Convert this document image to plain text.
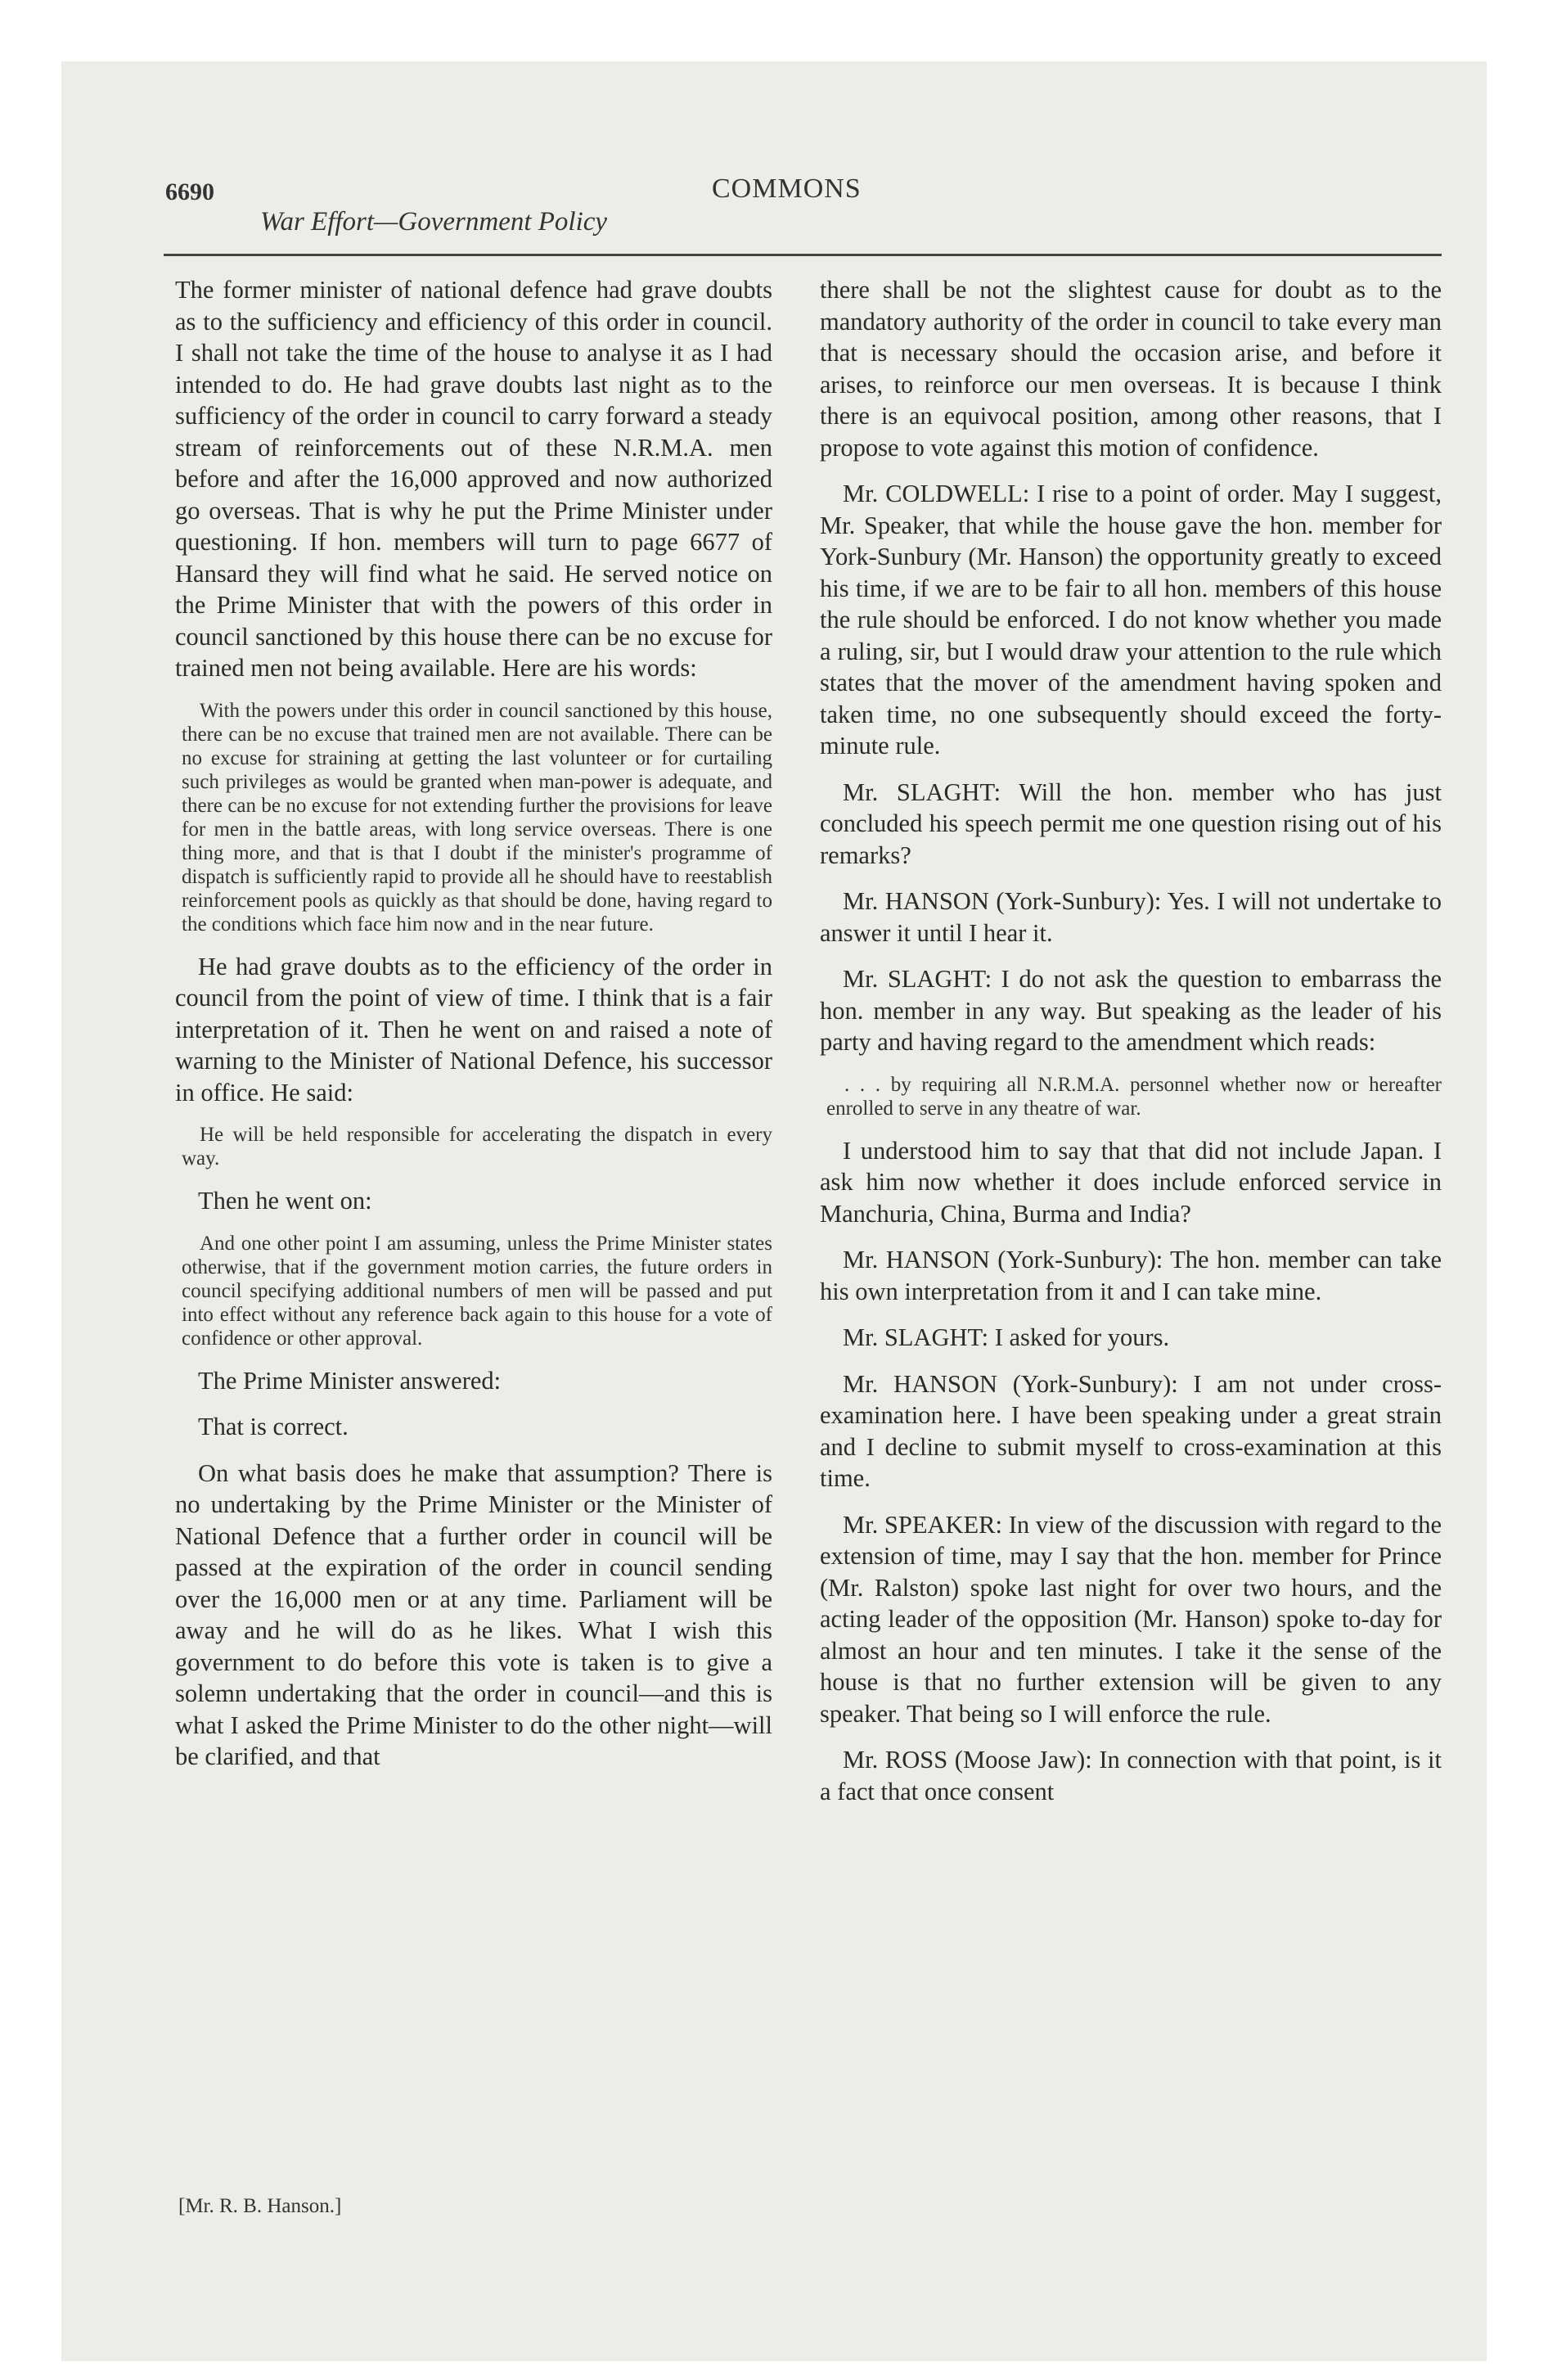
6690	COMMONS
War Effort—Government Policy

The former minister of national defence had grave doubts as to the sufficiency and efficiency of this order in council. I shall not take the time of the house to analyse it as I had intended to do. He had grave doubts last night as to the sufficiency of the order in council to carry forward a steady stream of reinforcements out of these N.R.M.A. men before and after the 16,000 approved and now authorized go overseas. That is why he put the Prime Minister under questioning. If hon. members will turn to page 6677 of Hansard they will find what he said. He served notice on the Prime Minister that with the powers of this order in council sanctioned by this house there can be no excuse for trained men not being available. Here are his words:

With the powers under this order in council sanctioned by this house, there can be no excuse that trained men are not available. There can be no excuse for straining at getting the last volunteer or for curtailing such privileges as would be granted when man-power is adequate, and there can be no excuse for not extending further the provisions for leave for men in the battle areas, with long service overseas. There is one thing more, and that is that I doubt if the minister's programme of dispatch is sufficiently rapid to provide all he should have to reestablish reinforcement pools as quickly as that should be done, having regard to the conditions which face him now and in the near future.

He had grave doubts as to the efficiency of the order in council from the point of view of time. I think that is a fair interpretation of it. Then he went on and raised a note of warning to the Minister of National Defence, his successor in office. He said:

He will be held responsible for accelerating the dispatch in every way.

Then he went on:

And one other point I am assuming, unless the Prime Minister states otherwise, that if the government motion carries, the future orders in council specifying additional numbers of men will be passed and put into effect without any reference back again to this house for a vote of confidence or other approval.

The Prime Minister answered:

That is correct.

On what basis does he make that assumption? There is no undertaking by the Prime Minister or the Minister of National Defence that a further order in council will be passed at the expiration of the order in council sending over the 16,000 men or at any time. Parliament will be away and he will do as he likes. What I wish this government to do before this vote is taken is to give a solemn undertaking that the order in council—and this is what I asked the Prime Minister to do the other night—will be clarified, and that

there shall be not the slightest cause for doubt as to the mandatory authority of the order in council to take every man that is necessary should the occasion arise, and before it arises, to reinforce our men overseas. It is because I think there is an equivocal position, among other reasons, that I propose to vote against this motion of confidence.

Mr. COLDWELL: I rise to a point of order. May I suggest, Mr. Speaker, that while the house gave the hon. member for York-Sunbury (Mr. Hanson) the opportunity greatly to exceed his time, if we are to be fair to all hon. members of this house the rule should be enforced. I do not know whether you made a ruling, sir, but I would draw your attention to the rule which states that the mover of the amendment having spoken and taken time, no one subsequently should exceed the forty-minute rule.

Mr. SLAGHT: Will the hon. member who has just concluded his speech permit me one question rising out of his remarks?

Mr. HANSON (York-Sunbury): Yes. I will not undertake to answer it until I hear it.

Mr. SLAGHT: I do not ask the question to embarrass the hon. member in any way. But speaking as the leader of his party and having regard to the amendment which reads:

. . . by requiring all N.R.M.A. personnel whether now or hereafter enrolled to serve in any theatre of war.

I understood him to say that that did not include Japan. I ask him now whether it does include enforced service in Manchuria, China, Burma and India?

Mr. HANSON (York-Sunbury): The hon. member can take his own interpretation from it and I can take mine.

Mr. SLAGHT: I asked for yours.

Mr. HANSON (York-Sunbury): I am not under cross-examination here. I have been speaking under a great strain and I decline to submit myself to cross-examination at this time.

Mr. SPEAKER: In view of the discussion with regard to the extension of time, may I say that the hon. member for Prince (Mr. Ralston) spoke last night for over two hours, and the acting leader of the opposition (Mr. Hanson) spoke to-day for almost an hour and ten minutes. I take it the sense of the house is that no further extension will be given to any speaker. That being so I will enforce the rule.

Mr. ROSS (Moose Jaw): In connection with that point, is it a fact that once consent

[Mr. R. B. Hanson.]
